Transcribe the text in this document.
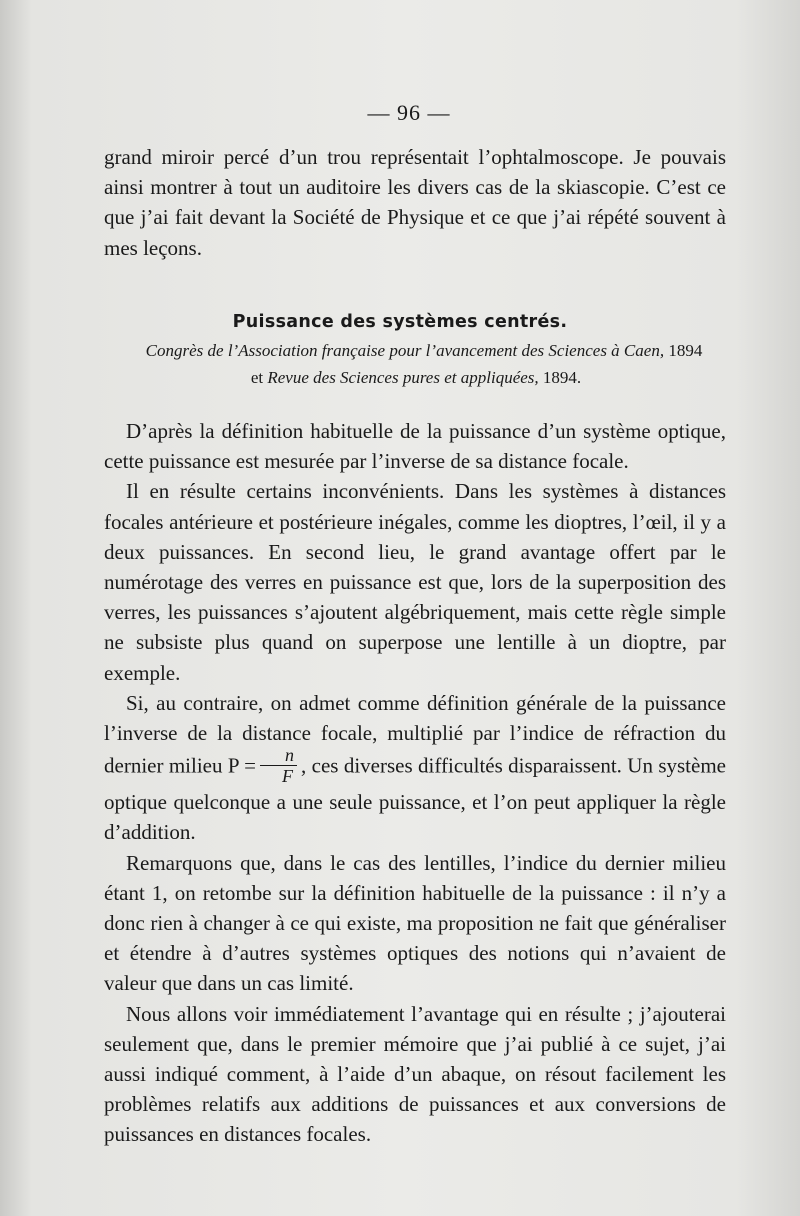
— 96 —

grand miroir percé d’un trou représentait l’ophtalmoscope. Je pouvais ainsi montrer à tout un auditoire les divers cas de la skiascopie. C’est ce que j’ai fait devant la Société de Physique et ce que j’ai répété souvent à mes leçons.

Puissance des systèmes centrés.
Congrès de l’Association française pour l’avancement des Sciences à Caen, 1894
et Revue des Sciences pures et appliquées, 1894.

D’après la définition habituelle de la puissance d’un système optique, cette puissance est mesurée par l’inverse de sa distance focale.

Il en résulte certains inconvénients. Dans les systèmes à distances focales antérieure et postérieure inégales, comme les dioptres, l’œil, il y a deux puissances. En second lieu, le grand avantage offert par le numérotage des verres en puissance est que, lors de la superposition des verres, les puissances s’ajoutent algébriquement, mais cette règle simple ne subsiste plus quand on superpose une lentille à un dioptre, par exemple.

Si, au contraire, on admet comme définition générale de la puissance l’inverse de la distance focale, multiplié par l’indice de réfraction du dernier milieu $P = \frac{n}{F}$ , ces diverses difficultés disparaissent. Un système optique quelconque a une seule puissance, et l’on peut appliquer la règle d’addition.

Remarquons que, dans le cas des lentilles, l’indice du dernier milieu étant 1, on retombe sur la définition habituelle de la puissance : il n’y a donc rien à changer à ce qui existe, ma proposition ne fait que généraliser et étendre à d’autres systèmes optiques des notions qui n’avaient de valeur que dans un cas limité.

Nous allons voir immédiatement l’avantage qui en résulte ; j’ajouterai seulement que, dans le premier mémoire que j’ai publié à ce sujet, j’ai aussi indiqué comment, à l’aide d’un abaque, on résout facilement les problèmes relatifs aux additions de puissances et aux conversions de puissances en distances focales.
